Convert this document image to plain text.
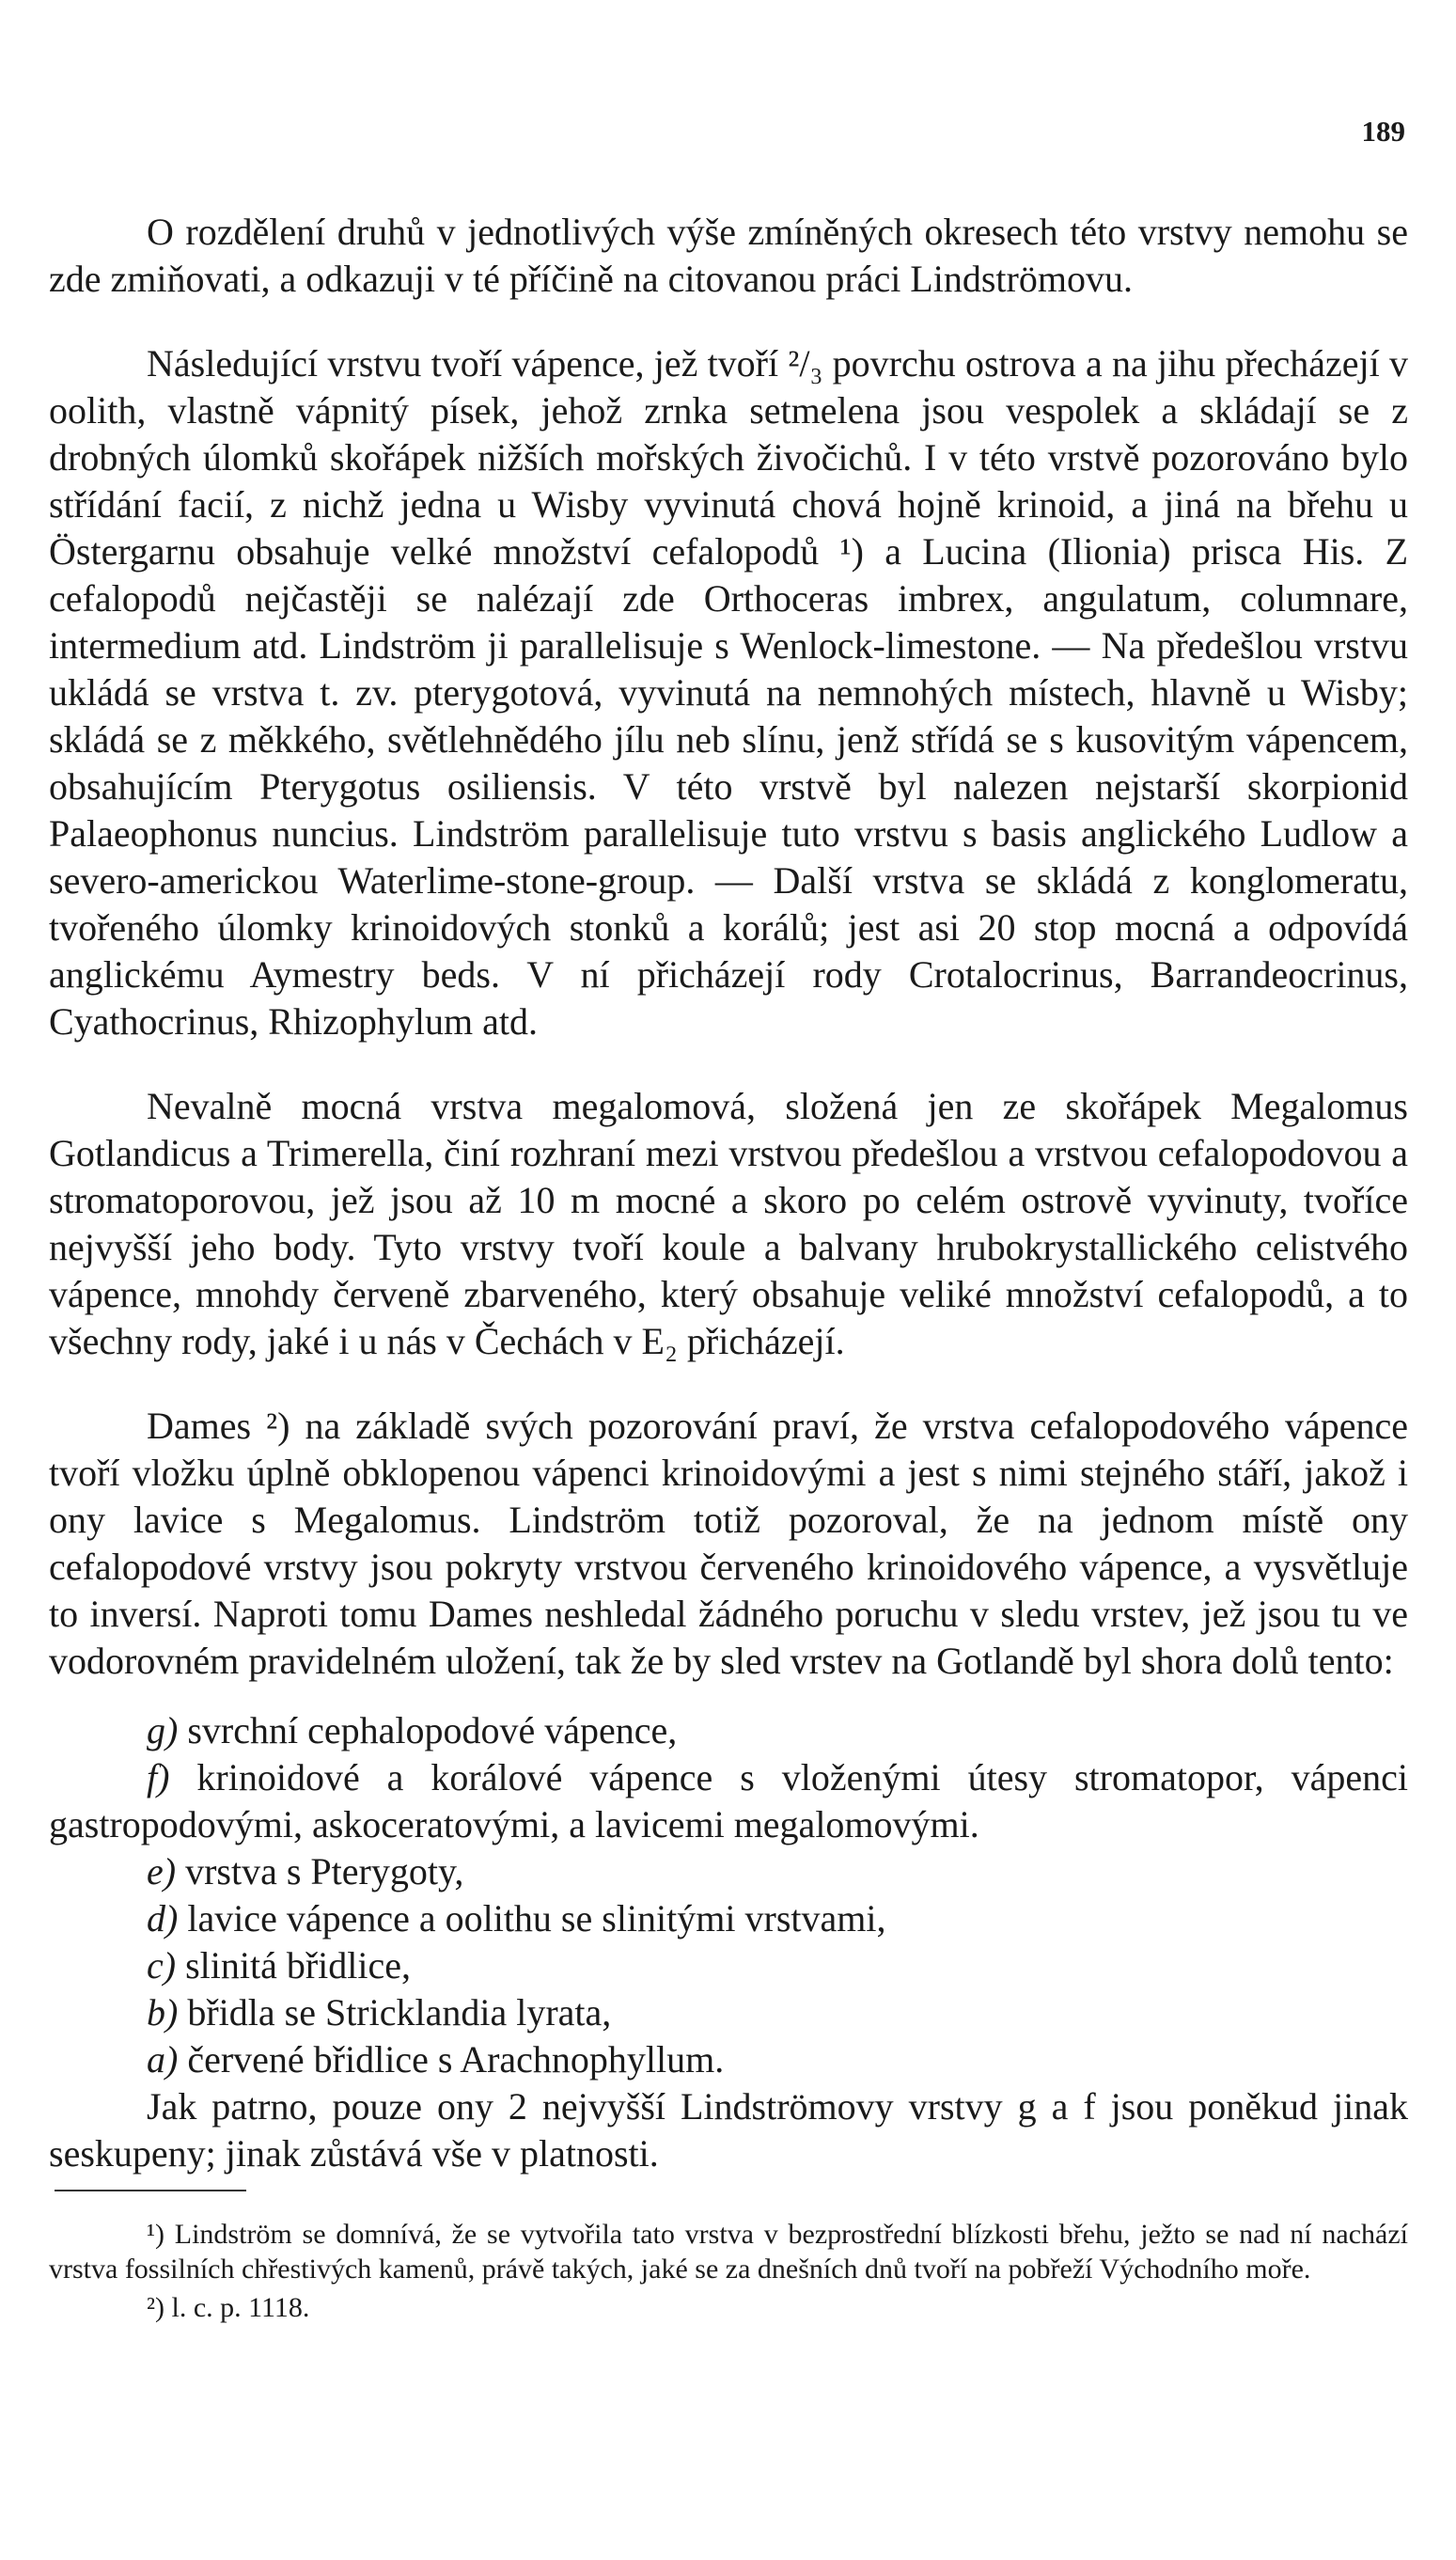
189

O rozdělení druhů v jednotlivých výše zmíněných okresech této vrstvy nemohu se zde zmiňovati, a odkazuji v té příčině na citovanou práci Lindströmovu.

Následující vrstvu tvoří vápence, jež tvoří ²/₃ povrchu ostrova a na jihu přecházejí v oolith, vlastně vápnitý písek, jehož zrnka setmelena jsou vespolek a skládají se z drobných úlomků skořápek nižších mořských živočichů. I v této vrstvě pozorováno bylo střídání facií, z nichž jedna u Wisby vyvinutá chová hojně krinoid, a jiná na břehu u Östergarnu obsahuje velké množství cefalopodů ¹) a Lucina (Ilionia) prisca His. Z cefalopodů nejčastěji se nalézají zde Orthoceras imbrex, angulatum, columnare, intermedium atd. Lindström ji parallelisuje s Wenlock-limestone. — Na předešlou vrstvu ukládá se vrstva t. zv. pterygotová, vyvinutá na nemnohých místech, hlavně u Wisby; skládá se z měkkého, světlehnědého jílu neb slínu, jenž střídá se s kusovitým vápencem, obsahujícím Pterygotus osiliensis. V této vrstvě byl nalezen nejstarší skorpionid Palaeophonus nuncius. Lindström parallelisuje tuto vrstvu s basis anglického Ludlow a severo-americkou Waterlime-stone-group. — Další vrstva se skládá z konglomeratu, tvořeného úlomky krinoidových stonků a korálů; jest asi 20 stop mocná a odpovídá anglickému Aymestry beds. V ní přicházejí rody Crotalocrinus, Barrandeocrinus, Cyathocrinus, Rhizophylum atd.

Nevalně mocná vrstva megalomová, složená jen ze skořápek Megalomus Gotlandicus a Trimerella, činí rozhraní mezi vrstvou předešlou a vrstvou cefalopodovou a stromatoporovou, jež jsou až 10 m mocné a skoro po celém ostrově vyvinuty, tvoříce nejvyšší jeho body. Tyto vrstvy tvoří koule a balvany hrubokrystallického celistvého vápence, mnohdy červeně zbarveného, který obsahuje veliké množství cefalopodů, a to všechny rody, jaké i u nás v Čechách v E₂ přicházejí.

Dames ²) na základě svých pozorování praví, že vrstva cefalopodového vápence tvoří vložku úplně obklopenou vápenci krinoidovými a jest s nimi stejného stáří, jakož i ony lavice s Megalomus. Lindström totiž pozoroval, že na jednom místě ony cefalopodové vrstvy jsou pokryty vrstvou červeného krinoidového vápence, a vysvětluje to inversí. Naproti tomu Dames neshledal žádného poruchu v sledu vrstev, jež jsou tu ve vodorovném pravidelném uložení, tak že by sled vrstev na Gotlandě byl shora dolů tento:

g) svrchní cephalopodové vápence,
f) krinoidové a korálové vápence s vloženými útesy stromatopor, vápenci gastropodovými, askoceratovými, a lavicemi megalomovými.
e) vrstva s Pterygoty,
d) lavice vápence a oolithu se slinitými vrstvami,
c) slinitá břidlice,
b) břidla se Stricklandia lyrata,
a) červené břidlice s Arachnophyllum.

Jak patrno, pouze ony 2 nejvyšší Lindströmovy vrstvy g a f jsou poněkud jinak seskupeny; jinak zůstává vše v platnosti.

¹) Lindström se domnívá, že se vytvořila tato vrstva v bezprostřední blízkosti břehu, ježto se nad ní nachází vrstva fossilních chřestivých kamenů, právě takých, jaké se za dnešních dnů tvoří na pobřeží Východního moře.

²) l. c. p. 1118.
